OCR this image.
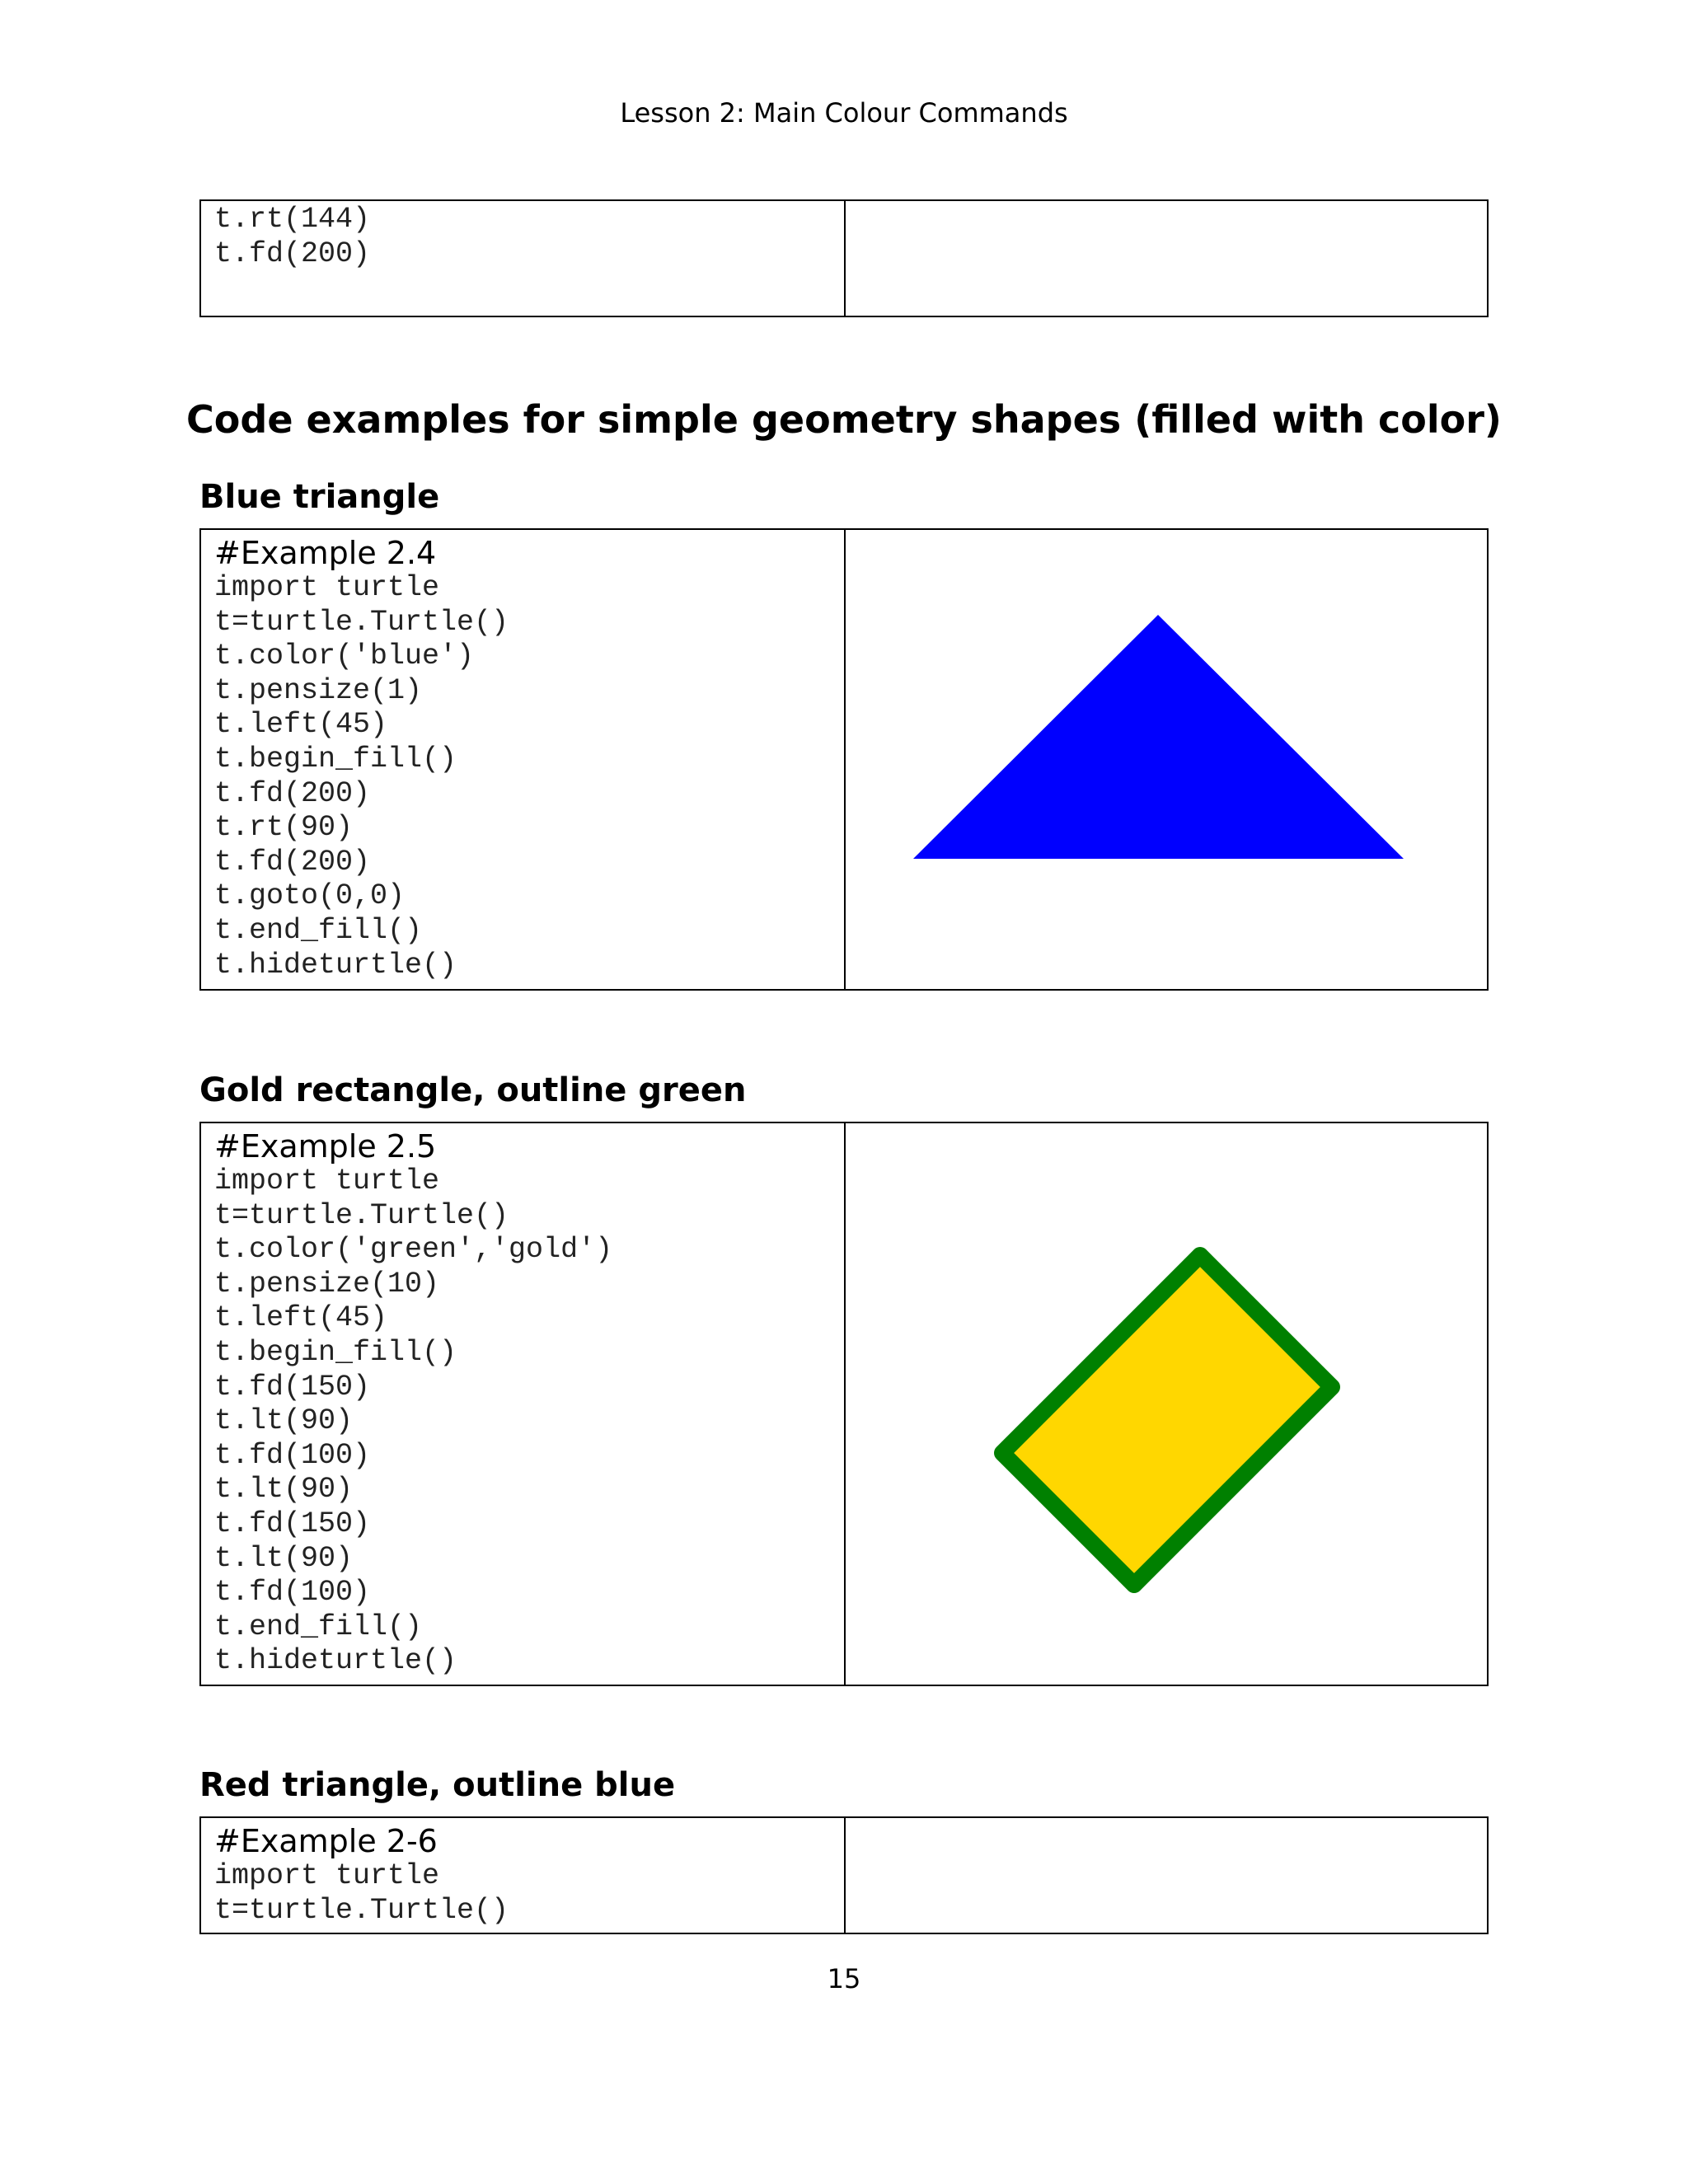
Lesson 2: Main Colour Commands
t.rt(144)
t.fd(200)
Code examples for simple geometry shapes (filled with color)
Blue triangle
#Example 2.4
import turtle
t=turtle.Turtle()
t.color('blue')
t.pensize(1)
t.left(45)
t.begin_fill()
t.fd(200)
t.rt(90)
t.fd(200)
t.goto(0,0)
t.end_fill()
t.hideturtle()
Gold rectangle, outline green
#Example 2.5
import turtle
t=turtle.Turtle()
t.color('green','gold')
t.pensize(10)
t.left(45)
t.begin_fill()
t.fd(150)
t.lt(90)
t.fd(100)
t.lt(90)
t.fd(150)
t.lt(90)
t.fd(100)
t.end_fill()
t.hideturtle()
Red triangle, outline blue
#Example 2-6
import turtle
t=turtle.Turtle()
15
